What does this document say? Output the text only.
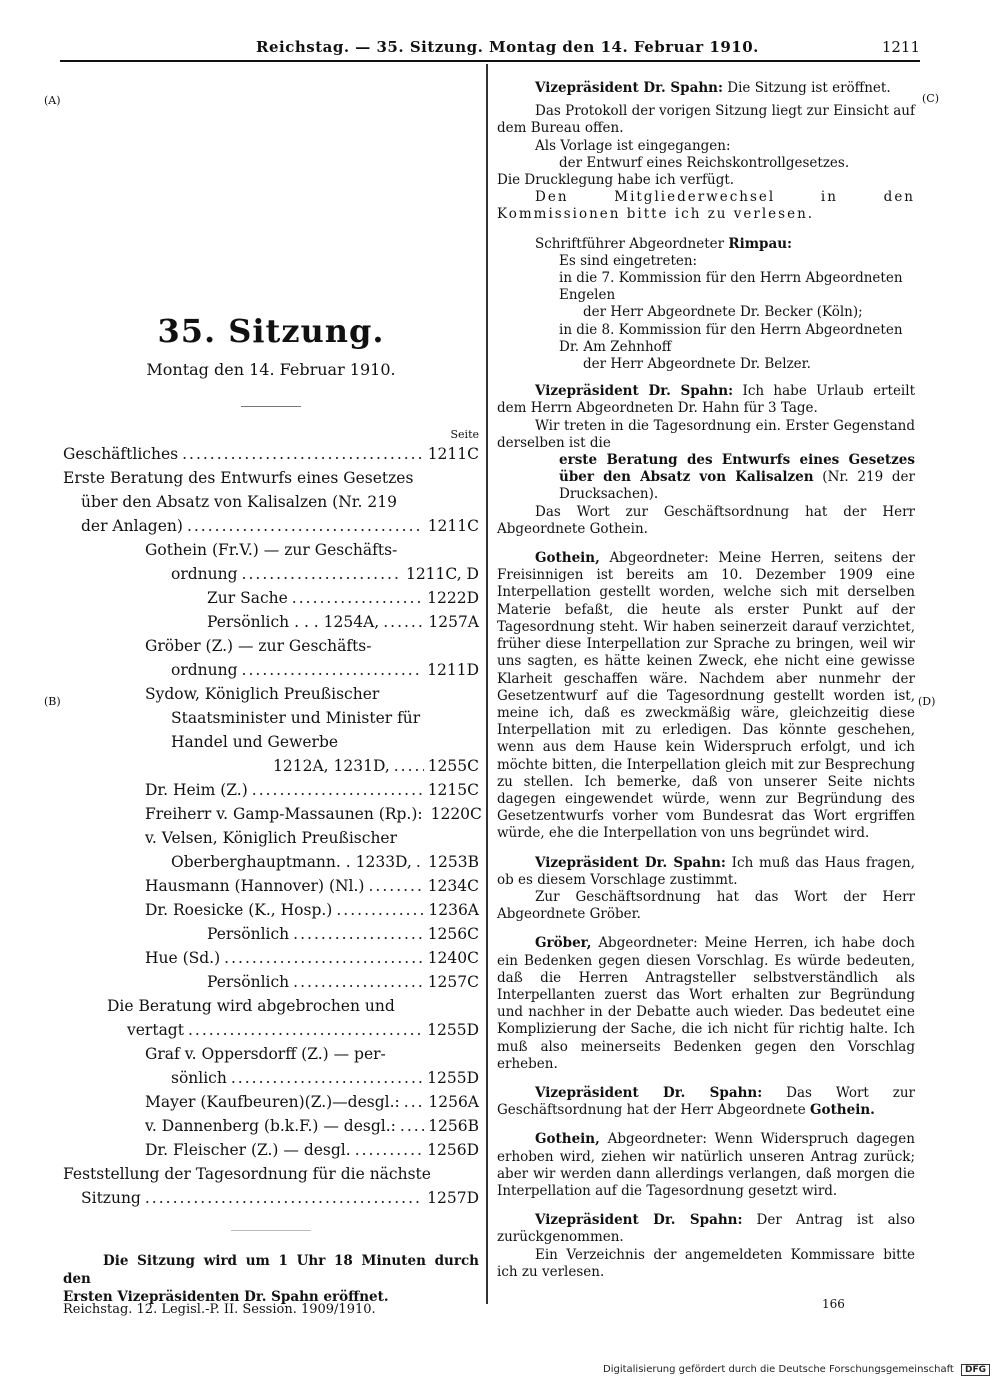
Reichstag. — 35. Sitzung. Montag den 14. Februar 1910.	1211
(A)
(B)
(C)
(D)
35. Sitzung.
Montag den 14. Februar 1910.
Seite
Geschäftliches .....	1211C
Erste Beratung des Entwurfs eines Gesetzes
über den Absatz von Kalisalzen (Nr. 219
der Anlagen) .....	1211C
Gothein (Fr.V.) — zur Geschäfts-
ordnung .....	1211C, D
Zur Sache .....	1222D
Persönlich . . . 1254A, .....	1257A
Gröber (Z.) — zur Geschäfts-
ordnung .....	1211D
Sydow, Königlich Preußischer
Staatsminister und Minister für
Handel und Gewerbe
1212A, 1231D, ..... 1255C
Dr. Heim (Z.) .....	1215C
Freiherr v. Gamp-Massaunen (Rp.): 1220C
v. Velsen, Königlich Preußischer
Oberberghauptmann. . 1233D, ..... 1253B
Hausmann (Hannover) (Nl.) .....	1234C
Dr. Roesicke (K., Hosp.) .....	1236A
Persönlich .....	1256C
Hue (Sd.) .....	1240C
Persönlich .....	1257C
Die Beratung wird abgebrochen und
vertagt .....	1255D
Graf v. Oppersdorff (Z.) — per-
sönlich .....	1255D
Mayer (Kaufbeuren)(Z.)—desgl.: ..... 1256A
v. Dannenberg (b.k.F.) — desgl.: ..... 1256B
Dr. Fleischer (Z.) — desgl. .....	1256D
Feststellung der Tagesordnung für die nächste
Sitzung .....	1257D
Die Sitzung wird um 1 Uhr 18 Minuten durch den
Ersten Vizepräsidenten Dr. Spahn eröffnet.
Reichstag. 12. Legisl.-P. II. Session. 1909/1910.

Vizepräsident Dr. Spahn: Die Sitzung ist eröffnet.

Das Protokoll der vorigen Sitzung liegt zur Einsicht auf dem Bureau offen.

Als Vorlage ist eingegangen:

der Entwurf eines Reichskontrollgesetzes.

Die Drucklegung habe ich verfügt.

Den Mitgliederwechsel in den Kommissionen bitte ich zu verlesen.

Schriftführer Abgeordneter Rimpau:

Es sind eingetreten:
in die 7. Kommission für den Herrn Abgeordneten Engelen
der Herr Abgeordnete Dr. Becker (Köln);
in die 8. Kommission für den Herrn Abgeordneten Dr. Am Zehnhoff
der Herr Abgeordnete Dr. Belzer.

Vizepräsident Dr. Spahn: Ich habe Urlaub erteilt dem Herrn Abgeordneten Dr. Hahn für 3 Tage.

Wir treten in die Tagesordnung ein. Erster Gegenstand derselben ist die

erste Beratung des Entwurfs eines Gesetzes über den Absatz von Kalisalzen (Nr. 219 der Drucksachen).

Das Wort zur Geschäftsordnung hat der Herr Abgeordnete Gothein.

Gothein, Abgeordneter: Meine Herren, seitens der Freisinnigen ist bereits am 10. Dezember 1909 eine Interpellation gestellt worden, welche sich mit derselben Materie befaßt, die heute als erster Punkt auf der Tagesordnung steht. Wir haben seinerzeit darauf verzichtet, früher diese Interpellation zur Sprache zu bringen, weil wir uns sagten, es hätte keinen Zweck, ehe nicht eine gewisse Klarheit geschaffen wäre. Nachdem aber nunmehr der Gesetzentwurf auf die Tagesordnung gestellt worden ist, meine ich, daß es zweckmäßig wäre, gleichzeitig diese Interpellation mit zu erledigen. Das könnte geschehen, wenn aus dem Hause kein Widerspruch erfolgt, und ich möchte bitten, die Interpellation gleich mit zur Besprechung zu stellen. Ich bemerke, daß von unserer Seite nichts dagegen eingewendet würde, wenn zur Begründung des Gesetzentwurfs vorher vom Bundesrat das Wort ergriffen würde, ehe die Interpellation von uns begründet wird.

Vizepräsident Dr. Spahn: Ich muß das Haus fragen, ob es diesem Vorschlage zustimmt.

Zur Geschäftsordnung hat das Wort der Herr Abgeordnete Gröber.

Gröber, Abgeordneter: Meine Herren, ich habe doch ein Bedenken gegen diesen Vorschlag. Es würde bedeuten, daß die Herren Antragsteller selbstverständlich als Interpellanten zuerst das Wort erhalten zur Begründung und nachher in der Debatte auch wieder. Das bedeutet eine Komplizierung der Sache, die ich nicht für richtig halte. Ich muß also meinerseits Bedenken gegen den Vorschlag erheben.

Vizepräsident Dr. Spahn: Das Wort zur Geschäftsordnung hat der Herr Abgeordnete Gothein.

Gothein, Abgeordneter: Wenn Widerspruch dagegen erhoben wird, ziehen wir natürlich unseren Antrag zurück; aber wir werden dann allerdings verlangen, daß morgen die Interpellation auf die Tagesordnung gesetzt wird.

Vizepräsident Dr. Spahn: Der Antrag ist also zurückgenommen.

Ein Verzeichnis der angemeldeten Kommissare bitte ich zu verlesen.

166
Digitalisierung gefördert durch die Deutsche Forschungsgemeinschaft DFG
